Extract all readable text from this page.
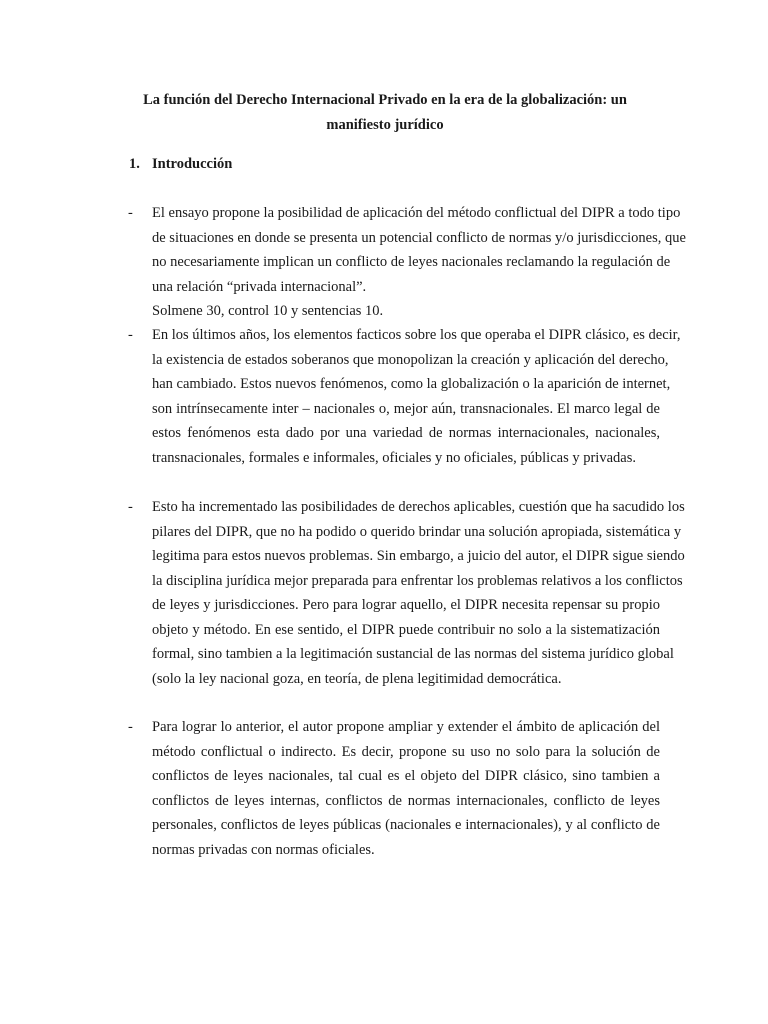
La función del Derecho Internacional Privado en la era de la globalización: un
manifiesto jurídico
1. Introducción
- El ensayo propone la posibilidad de aplicación del método conflictual del DIPR a todo tipo
de situaciones en donde se presenta un potencial conflicto de normas y/o jurisdicciones, que
no necesariamente implican un conflicto de leyes nacionales reclamando la regulación de
una relación “privada internacional”.
Solmene 30, control 10 y sentencias 10.
- En los últimos años, los elementos facticos sobre los que operaba el DIPR clásico, es decir,
la existencia de estados soberanos que monopolizan la creación y aplicación del derecho,
han cambiado. Estos nuevos fenómenos, como la globalización o la aparición de internet,
son intrínsecamente inter – nacionales o, mejor aún, transnacionales. El marco legal de
estos fenómenos esta dado por una variedad de normas internacionales, nacionales,
transnacionales, formales e informales, oficiales y no oficiales, públicas y privadas.
- Esto ha incrementado las posibilidades de derechos aplicables, cuestión que ha sacudido los
pilares del DIPR, que no ha podido o querido brindar una solución apropiada, sistemática y
legitima para estos nuevos problemas. Sin embargo, a juicio del autor, el DIPR sigue siendo
la disciplina jurídica mejor preparada para enfrentar los problemas relativos a los conflictos
de leyes y jurisdicciones. Pero para lograr aquello, el DIPR necesita repensar su propio
objeto y método. En ese sentido, el DIPR puede contribuir no solo a la sistematización
formal, sino tambien a la legitimación sustancial de las normas del sistema jurídico global
(solo la ley nacional goza, en teoría, de plena legitimidad democrática.
- Para lograr lo anterior, el autor propone ampliar y extender el ámbito de aplicación del
método conflictual o indirecto. Es decir, propone su uso no solo para la solución de
conflictos de leyes nacionales, tal cual es el objeto del DIPR clásico, sino tambien a
conflictos de leyes internas, conflictos de normas internacionales, conflicto de leyes
personales, conflictos de leyes públicas (nacionales e internacionales), y al conflicto de
normas privadas con normas oficiales.
